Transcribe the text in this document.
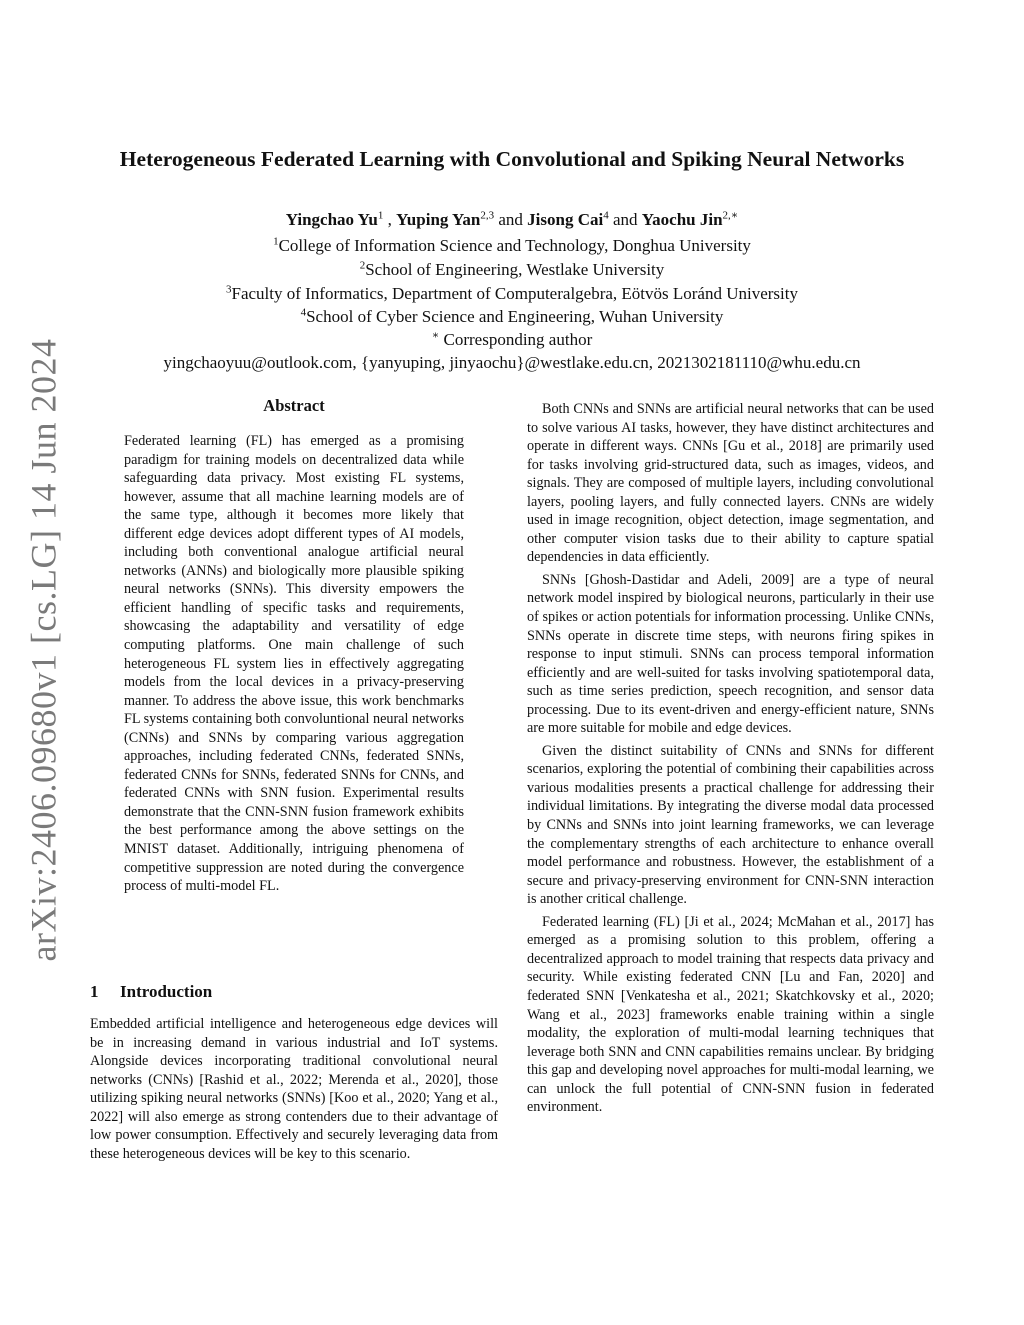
arXiv:2406.09680v1 [cs.LG] 14 Jun 2024
Heterogeneous Federated Learning with Convolutional and Spiking Neural Networks
Yingchao Yu$^1$ , Yuping Yan$^{2,3}$ and Jisong Cai$^4$ and Yaochu Jin$^{2,∗}$
$^1$College of Information Science and Technology, Donghua University
$^2$School of Engineering, Westlake University
$^3$Faculty of Informatics, Department of Computeralgebra, Eötvös Loránd University
$^4$School of Cyber Science and Engineering, Wuhan University
∗ Corresponding author
yingchaoyuu@outlook.com, {yanyuping, jinyaochu}@westlake.edu.cn, 2021302181110@whu.edu.cn
Abstract

Federated learning (FL) has emerged as a promising paradigm for training models on decentralized data while safeguarding data privacy. Most existing FL systems, however, assume that all machine learning models are of the same type, although it becomes more likely that different edge devices adopt different types of AI models, including both conventional analogue artificial neural networks (ANNs) and biologically more plausible spiking neural networks (SNNs). This diversity empowers the efficient handling of specific tasks and requirements, showcasing the adaptability and versatility of edge computing platforms. One main challenge of such heterogeneous FL system lies in effectively aggregating models from the local devices in a privacy-preserving manner. To address the above issue, this work benchmarks FL systems containing both convoluntional neural networks (CNNs) and SNNs by comparing various aggregation approaches, including federated CNNs, federated SNNs, federated CNNs for SNNs, federated SNNs for CNNs, and federated CNNs with SNN fusion. Experimental results demonstrate that the CNN-SNN fusion framework exhibits the best performance among the above settings on the MNIST dataset. Additionally, intriguing phenomena of competitive suppression are noted during the convergence process of multi-model FL.

1 Introduction

Embedded artificial intelligence and heterogeneous edge devices will be in increasing demand in various industrial and IoT systems. Alongside devices incorporating traditional convolutional neural networks (CNNs) [Rashid et al., 2022; Merenda et al., 2020], those utilizing spiking neural networks (SNNs) [Koo et al., 2020; Yang et al., 2022] will also emerge as strong contenders due to their advantage of low power consumption. Effectively and securely leveraging data from these heterogeneous devices will be key to this scenario.

Both CNNs and SNNs are artificial neural networks that can be used to solve various AI tasks, however, they have distinct architectures and operate in different ways. CNNs [Gu et al., 2018] are primarily used for tasks involving grid-structured data, such as images, videos, and signals. They are composed of multiple layers, including convolutional layers, pooling layers, and fully connected layers. CNNs are widely used in image recognition, object detection, image segmentation, and other computer vision tasks due to their ability to capture spatial dependencies in data efficiently.

SNNs [Ghosh-Dastidar and Adeli, 2009] are a type of neural network model inspired by biological neurons, particularly in their use of spikes or action potentials for information processing. Unlike CNNs, SNNs operate in discrete time steps, with neurons firing spikes in response to input stimuli. SNNs can process temporal information efficiently and are well-suited for tasks involving spatiotemporal data, such as time series prediction, speech recognition, and sensor data processing. Due to its event-driven and energy-efficient nature, SNNs are more suitable for mobile and edge devices.

Given the distinct suitability of CNNs and SNNs for different scenarios, exploring the potential of combining their capabilities across various modalities presents a practical challenge for addressing their individual limitations. By integrating the diverse modal data processed by CNNs and SNNs into joint learning frameworks, we can leverage the complementary strengths of each architecture to enhance overall model performance and robustness. However, the establishment of a secure and privacy-preserving environment for CNN-SNN interaction is another critical challenge.

Federated learning (FL) [Ji et al., 2024; McMahan et al., 2017] has emerged as a promising solution to this problem, offering a decentralized approach to model training that respects data privacy and security. While existing federated CNN [Lu and Fan, 2020] and federated SNN [Venkatesha et al., 2021; Skatchkovsky et al., 2020; Wang et al., 2023] frameworks enable training within a single modality, the exploration of multi-modal learning techniques that leverage both SNN and CNN capabilities remains unclear. By bridging this gap and developing novel approaches for multi-modal learning, we can unlock the full potential of CNN-SNN fusion in federated environment.
